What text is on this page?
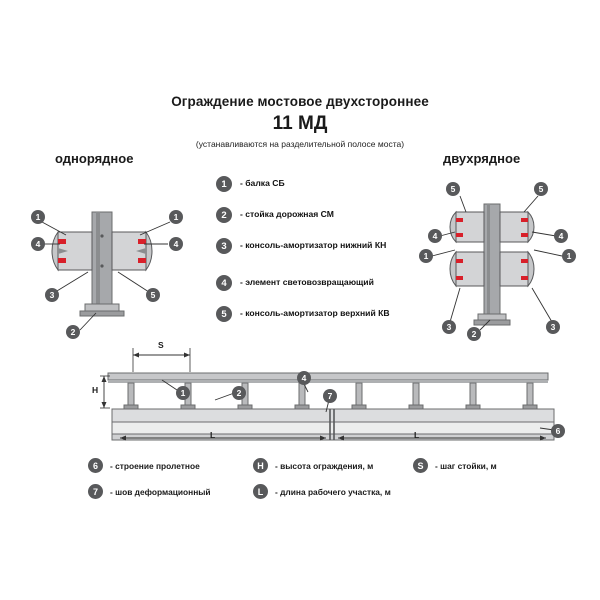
Ограждение мостовое двухстороннее
11 МД
(устанавливаются на разделительной полосе моста)
однорядное	двухрядное
1	- балка СБ
2	- стойка дорожная СМ
3	- консоль-амортизатор нижний КН
4	- элемент световозвращающий
5	- консоль-амортизатор верхний КВ
1	1
4	4
3	5
2
5	5
1	1
4	4
3	3
2
S
H
L	L
1	2
4
7
6
6	- строение пролетное	H	- высота ограждения, м	S	- шаг стойки, м
7	- шов деформационный	L	- длина рабочего участка, м
